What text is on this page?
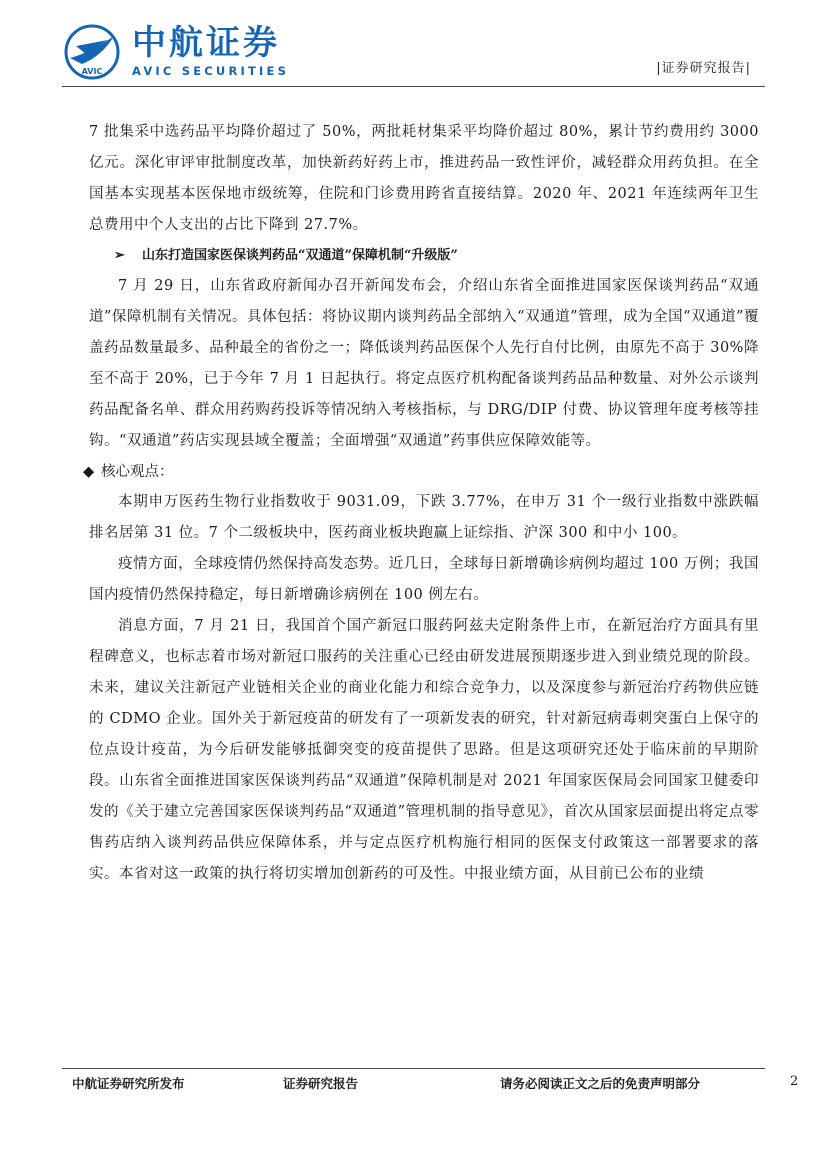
AVIC
中航证券
AVIC SECURITIES	|证券研究报告|

7 批集采中选药品平均降价超过了 50%，两批耗材集采平均降价超过 80%，累计节约费用约 3000 亿元。深化审评审批制度改革，加快新药好药上市，推进药品一致性评价，减轻群众用药负担。在全国基本实现基本医保地市级统筹，住院和门诊费用跨省直接结算。2020 年、2021 年连续两年卫生总费用中个人支出的占比下降到 27.7%。

➢ 山东打造国家医保谈判药品“双通道”保障机制“升级版”

7 月 29 日，山东省政府新闻办召开新闻发布会，介绍山东省全面推进国家医保谈判药品“双通道”保障机制有关情况。具体包括：将协议期内谈判药品全部纳入“双通道”管理，成为全国“双通道”覆盖药品数量最多、品种最全的省份之一；降低谈判药品医保个人先行自付比例，由原先不高于 30%降至不高于 20%，已于今年 7 月 1 日起执行。将定点医疗机构配备谈判药品品种数量、对外公示谈判药品配备名单、群众用药购药投诉等情况纳入考核指标，与 DRG/DIP 付费、协议管理年度考核等挂钩。“双通道”药店实现县域全覆盖；全面增强“双通道”药事供应保障效能等。

◆ 核心观点：

本期申万医药生物行业指数收于 9031.09，下跌 3.77%，在申万 31 个一级行业指数中涨跌幅排名居第 31 位。7 个二级板块中，医药商业板块跑赢上证综指、沪深 300 和中小 100。

疫情方面，全球疫情仍然保持高发态势。近几日，全球每日新增确诊病例均超过 100 万例；我国国内疫情仍然保持稳定，每日新增确诊病例在 100 例左右。

消息方面，7 月 21 日，我国首个国产新冠口服药阿兹夫定附条件上市，在新冠治疗方面具有里程碑意义，也标志着市场对新冠口服药的关注重心已经由研发进展预期逐步进入到业绩兑现的阶段。未来，建议关注新冠产业链相关企业的商业化能力和综合竞争力，以及深度参与新冠治疗药物供应链的 CDMO 企业。国外关于新冠疫苗的研发有了一项新发表的研究，针对新冠病毒刺突蛋白上保守的位点设计疫苗，为今后研发能够抵御突变的疫苗提供了思路。但是这项研究还处于临床前的早期阶段。山东省全面推进国家医保谈判药品“双通道”保障机制是对 2021 年国家医保局会同国家卫健委印发的《关于建立完善国家医保谈判药品“双通道”管理机制的指导意见》，首次从国家层面提出将定点零售药店纳入谈判药品供应保障体系，并与定点医疗机构施行相同的医保支付政策这一部署要求的落实。本省对这一政策的执行将切实增加创新药的可及性。中报业绩方面，从目前已公布的业绩

中航证券研究所发布	证券研究报告	请务必阅读正文之后的免责声明部分	2
